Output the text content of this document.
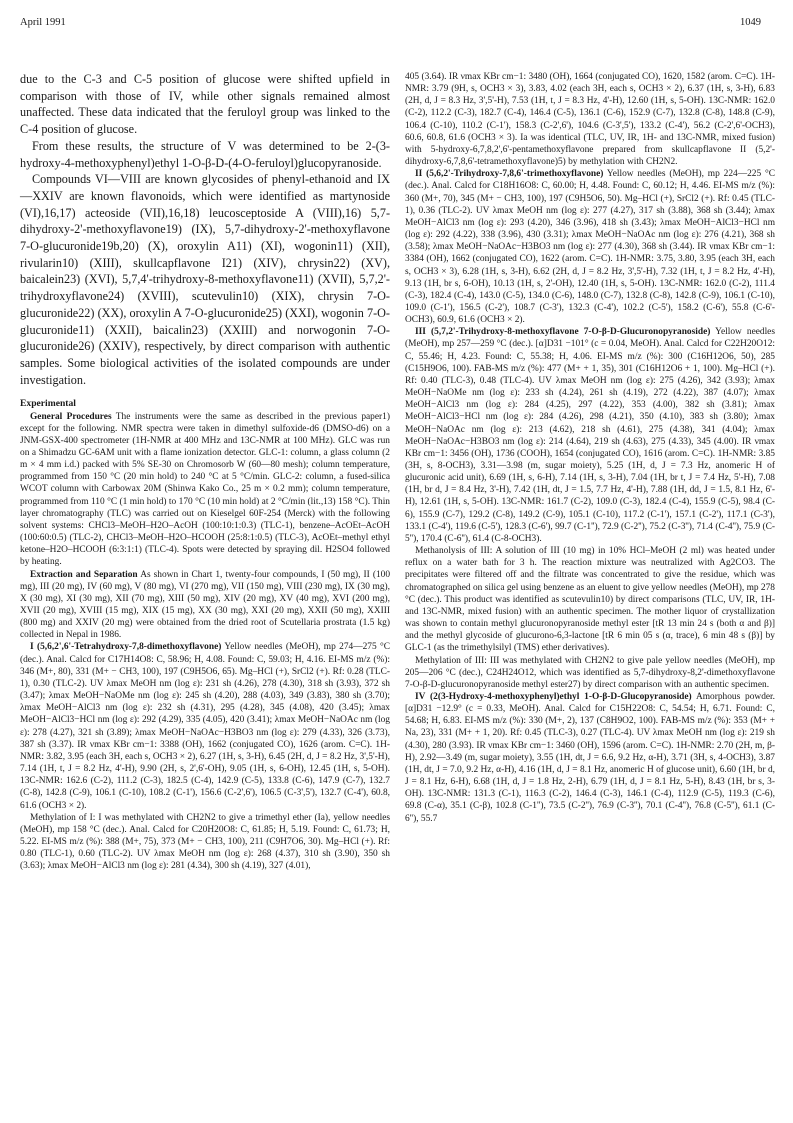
April 1991	1049

due to the C-3 and C-5 position of glucose were shifted upfield in comparison with those of IV, while other signals remained almost unaffected. These data indicated that the feruloyl group was linked to the C-4 position of glucose.

From these results, the structure of V was determined to be 2-(3-hydroxy-4-methoxyphenyl)ethyl 1-O-β-D-(4-O-feruloyl)glucopyranoside.

Compounds VI—VIII are known glycosides of phenyl-ethanoid and IX—XXIV are known flavonoids, which were identified as martynoside (VI),16,17) acteoside (VII),16,18) leucosceptoside A (VIII),16) 5,7-dihydroxy-2'-methoxyflavone19) (IX), 5,7-dihydroxy-2'-methoxyflavone 7-O-glucuronide19b,20) (X), oroxylin A11) (XI), wogonin11) (XII), rivularin10) (XIII), skullcapflavone I21) (XIV), chrysin22) (XV), baicalein23) (XVI), 5,7,4'-trihydroxy-8-methoxyflavone11) (XVII), 5,7,2'-trihydroxyflavone24) (XVIII), scutevulin10) (XIX), chrysin 7-O-glucuronide22) (XX), oroxylin A 7-O-glucuronide25) (XXI), wogonin 7-O-glucuronide11) (XXII), baicalin23) (XXIII) and norwogonin 7-O-glucuronide26) (XXIV), respectively, by direct comparison with authentic samples. Some biological activities of the isolated compounds are under investigation.

Experimental

General Procedures The instruments were the same as described in the previous paper1) except for the following. NMR spectra were taken in dimethyl sulfoxide-d6 (DMSO-d6) on a JNM-GSX-400 spectrometer (1H-NMR at 400 MHz and 13C-NMR at 100 MHz). GLC was run on a Shimadzu GC-6AM unit with a flame ionization detector. GLC-1: column, a glass column (2 m × 4 mm i.d.) packed with 5% SE-30 on Chromosorb W (60—80 mesh); column temperature, programmed from 150 °C (20 min hold) to 240 °C at 5 °C/min. GLC-2: column, a fused-silica WCOT column with Carbowax 20M (Shinwa Kako Co., 25 m × 0.2 mm); column temperature, programmed from 110 °C (1 min hold) to 170 °C (10 min hold) at 2 °C/min (lit.,13) 158 °C). Thin layer chromatography (TLC) was carried out on Kieselgel 60F-254 (Merck) with the following solvent systems: CHCl3–MeOH–H2O–AcOH (100:10:1:0.3) (TLC-1), benzene–AcOEt–AcOH (100:60:0.5) (TLC-2), CHCl3–MeOH–H2O–HCOOH (25:8:1:0.5) (TLC-3), AcOEt–methyl ethyl ketone–H2O–HCOOH (6:3:1:1) (TLC-4). Spots were detected by spraying dil. H2SO4 followed by heating.

Extraction and Separation As shown in Chart 1, twenty-four compounds, I (50 mg), II (100 mg), III (20 mg), IV (60 mg), V (80 mg), VI (270 mg), VII (150 mg), VIII (230 mg), IX (30 mg), X (30 mg), XI (30 mg), XII (70 mg), XIII (50 mg), XIV (20 mg), XV (40 mg), XVI (200 mg), XVII (20 mg), XVIII (15 mg), XIX (15 mg), XX (30 mg), XXI (20 mg), XXII (50 mg), XXIII (800 mg) and XXIV (20 mg) were obtained from the dried root of Scutellaria prostrata (1.5 kg) collected in Nepal in 1986.

I (5,6,2',6'-Tetrahydroxy-7,8-dimethoxyflavone) Yellow needles (MeOH), mp 274—275 °C (dec.). Anal. Calcd for C17H14O8: C, 58.96; H, 4.08. Found: C, 59.03; H, 4.16. EI-MS m/z (%): 346 (M+, 80), 331 (M+ − CH3, 100), 197 (C9H5O6, 65). Mg–HCl (+), SrCl2 (+). Rf: 0.28 (TLC-1), 0.30 (TLC-2). UV λmax MeOH nm (log ε): 231 sh (4.26), 278 (4.30), 318 sh (3.93), 372 sh (3.47); λmax MeOH−NaOMe nm (log ε): 245 sh (4.20), 288 (4.03), 349 (3.83), 380 sh (3.70); λmax MeOH−AlCl3 nm (log ε): 232 sh (4.31), 295 (4.28), 345 (4.08), 420 (3.45); λmax MeOH−AlCl3−HCl nm (log ε): 292 (4.29), 335 (4.05), 420 (3.41); λmax MeOH−NaOAc nm (log ε): 278 (4.27), 321 sh (3.89); λmax MeOH−NaOAc−H3BO3 nm (log ε): 279 (4.33), 326 (3.73), 387 sh (3.37). IR νmax KBr cm−1: 3388 (OH), 1662 (conjugated CO), 1626 (arom. C=C). 1H-NMR: 3.82, 3.95 (each 3H, each s, OCH3 × 2), 6.27 (1H, s, 3-H), 6.45 (2H, d, J = 8.2 Hz, 3',5'-H), 7.14 (1H, t, J = 8.2 Hz, 4'-H), 9.90 (2H, s, 2',6'-OH), 9.05 (1H, s, 6-OH), 12.45 (1H, s, 5-OH). 13C-NMR: 162.6 (C-2), 111.2 (C-3), 182.5 (C-4), 142.9 (C-5), 133.8 (C-6), 147.9 (C-7), 132.7 (C-8), 142.8 (C-9), 106.1 (C-10), 108.2 (C-1'), 156.6 (C-2',6'), 106.5 (C-3',5'), 132.7 (C-4'), 60.8, 61.6 (OCH3 × 2).

Methylation of I: I was methylated with CH2N2 to give a trimethyl ether (Ia), yellow needles (MeOH), mp 158 °C (dec.). Anal. Calcd for C20H20O8: C, 61.85; H, 5.19. Found: C, 61.73; H, 5.22. EI-MS m/z (%): 388 (M+, 75), 373 (M+ − CH3, 100), 211 (C9H7O6, 30). Mg–HCl (+). Rf: 0.80 (TLC-1), 0.60 (TLC-2). UV λmax MeOH nm (log ε): 268 (4.37), 310 sh (3.90), 350 sh (3.63); λmax MeOH−AlCl3 nm (log ε): 281 (4.34), 300 sh (4.19), 327 (4.01),

405 (3.64). IR νmax KBr cm−1: 3480 (OH), 1664 (conjugated CO), 1620, 1582 (arom. C=C). 1H-NMR: 3.79 (9H, s, OCH3 × 3), 3.83, 4.02 (each 3H, each s, OCH3 × 2), 6.37 (1H, s, 3-H), 6.83 (2H, d, J = 8.3 Hz, 3',5'-H), 7.53 (1H, t, J = 8.3 Hz, 4'-H), 12.60 (1H, s, 5-OH). 13C-NMR: 162.0 (C-2), 112.2 (C-3), 182.7 (C-4), 146.4 (C-5), 136.1 (C-6), 152.9 (C-7), 132.8 (C-8), 148.8 (C-9), 106.4 (C-10), 110.2 (C-1'), 158.3 (C-2',6'), 104.6 (C-3',5'), 133.2 (C-4'), 56.2 (C-2',6'-OCH3), 60.6, 60.8, 61.6 (OCH3 × 3). Ia was identical (TLC, UV, IR, 1H- and 13C-NMR, mixed fusion) with 5-hydroxy-6,7,8,2',6'-pentamethoxyflavone prepared from skullcapflavone II (5,2'-dihydroxy-6,7,8,6'-tetramethoxyflavone)5) by methylation with CH2N2.

II (5,6,2'-Trihydroxy-7,8,6'-trimethoxyflavone) Yellow needles (MeOH), mp 224—225 °C (dec.). Anal. Calcd for C18H16O8: C, 60.00; H, 4.48. Found: C, 60.12; H, 4.46. EI-MS m/z (%): 360 (M+, 70), 345 (M+ − CH3, 100), 197 (C9H5O6, 50). Mg–HCl (+), SrCl2 (+). Rf: 0.45 (TLC-1), 0.36 (TLC-2). UV λmax MeOH nm (log ε): 277 (4.27), 317 sh (3.88), 368 sh (3.44); λmax MeOH−AlCl3 nm (log ε): 293 (4.20), 346 (3.96), 418 sh (3.43); λmax MeOH−AlCl3−HCl nm (log ε): 292 (4.22), 338 (3.96), 430 (3.31); λmax MeOH−NaOAc nm (log ε): 276 (4.21), 368 sh (3.58); λmax MeOH−NaOAc−H3BO3 nm (log ε): 277 (4.30), 368 sh (3.44). IR νmax KBr cm−1: 3384 (OH), 1662 (conjugated CO), 1622 (arom. C=C). 1H-NMR: 3.75, 3.80, 3.95 (each 3H, each s, OCH3 × 3), 6.28 (1H, s, 3-H), 6.62 (2H, d, J = 8.2 Hz, 3',5'-H), 7.32 (1H, t, J = 8.2 Hz, 4'-H), 9.13 (1H, br s, 6-OH), 10.13 (1H, s, 2'-OH), 12.40 (1H, s, 5-OH). 13C-NMR: 162.0 (C-2), 111.4 (C-3), 182.4 (C-4), 143.0 (C-5), 134.0 (C-6), 148.0 (C-7), 132.8 (C-8), 142.8 (C-9), 106.1 (C-10), 109.0 (C-1'), 156.5 (C-2'), 108.7 (C-3'), 132.3 (C-4'), 102.2 (C-5'), 158.2 (C-6'), 55.8 (C-6'-OCH3), 60.9, 61.6 (OCH3 × 2).

III (5,7,2'-Trihydroxy-8-methoxyflavone 7-O-β-D-Glucuronopyranoside) Yellow needles (MeOH), mp 257—259 °C (dec.). [α]D31 −101° (c = 0.04, MeOH). Anal. Calcd for C22H20O12: C, 55.46; H, 4.23. Found: C, 55.38; H, 4.06. EI-MS m/z (%): 300 (C16H12O6, 50), 285 (C15H9O6, 100). FAB-MS m/z (%): 477 (M+ + 1, 35), 301 (C16H12O6 + 1, 100). Mg–HCl (+). Rf: 0.40 (TLC-3), 0.48 (TLC-4). UV λmax MeOH nm (log ε): 275 (4.26), 342 (3.93); λmax MeOH−NaOMe nm (log ε): 233 sh (4.24), 261 sh (4.19), 272 (4.22), 387 (4.07); λmax MeOH−AlCl3 nm (log ε): 284 (4.25), 297 (4.22), 353 (4.00), 382 sh (3.81); λmax MeOH−AlCl3−HCl nm (log ε): 284 (4.26), 298 (4.21), 350 (4.10), 383 sh (3.80); λmax MeOH−NaOAc nm (log ε): 213 (4.62), 218 sh (4.61), 275 (4.38), 341 (4.04); λmax MeOH−NaOAc−H3BO3 nm (log ε): 214 (4.64), 219 sh (4.63), 275 (4.33), 345 (4.00). IR νmax KBr cm−1: 3456 (OH), 1736 (COOH), 1654 (conjugated CO), 1616 (arom. C=C). 1H-NMR: 3.85 (3H, s, 8-OCH3), 3.31—3.98 (m, sugar moiety), 5.25 (1H, d, J = 7.3 Hz, anomeric H of glucuronic acid unit), 6.69 (1H, s, 6-H), 7.14 (1H, s, 3-H), 7.04 (1H, br t, J = 7.4 Hz, 5'-H), 7.08 (1H, br d, J = 8.4 Hz, 3'-H), 7.42 (1H, dt, J = 1.5, 7.7 Hz, 4'-H), 7.88 (1H, dd, J = 1.5, 8.1 Hz, 6'-H), 12.61 (1H, s, 5-OH). 13C-NMR: 161.7 (C-2), 109.0 (C-3), 182.4 (C-4), 155.9 (C-5), 98.4 (C-6), 155.9 (C-7), 129.2 (C-8), 149.2 (C-9), 105.1 (C-10), 117.2 (C-1'), 157.1 (C-2'), 117.1 (C-3'), 133.1 (C-4'), 119.6 (C-5'), 128.3 (C-6'), 99.7 (C-1''), 72.9 (C-2''), 75.2 (C-3''), 71.4 (C-4''), 75.9 (C-5''), 170.4 (C-6''), 61.4 (C-8-OCH3).

Methanolysis of III: A solution of III (10 mg) in 10% HCl–MeOH (2 ml) was heated under reflux on a water bath for 3 h. The reaction mixture was neutralized with Ag2CO3. The precipitates were filtered off and the filtrate was concentrated to give the residue, which was chromatographed on silica gel using benzene as an eluent to give yellow needles (MeOH), mp 278 °C (dec.). This product was identified as scutevulin10) by direct comparisons (TLC, UV, IR, 1H- and 13C-NMR, mixed fusion) with an authentic specimen. The mother liquor of crystallization was shown to contain methyl glucuronopyranoside methyl ester [tR 13 min 24 s (both α and β)] and the methyl glycoside of glucurono-6,3-lactone [tR 6 min 05 s (α, trace), 6 min 48 s (β)] by GLC-1 (as the trimethylsilyl (TMS) ether derivatives).

Methylation of III: III was methylated with CH2N2 to give pale yellow needles (MeOH), mp 205—206 °C (dec.), C24H24O12, which was identified as 5,7-dihydroxy-8,2'-dimethoxyflavone 7-O-β-D-glucuronopyranoside methyl ester27) by direct comparison with an authentic specimen.

IV (2(3-Hydroxy-4-methoxyphenyl)ethyl 1-O-β-D-Glucopyranoside) Amorphous powder. [α]D31 −12.9° (c = 0.33, MeOH). Anal. Calcd for C15H22O8: C, 54.54; H, 6.71. Found: C, 54.68; H, 6.83. EI-MS m/z (%): 330 (M+, 2), 137 (C8H9O2, 100). FAB-MS m/z (%): 353 (M+ + Na, 23), 331 (M+ + 1, 20). Rf: 0.45 (TLC-3), 0.27 (TLC-4). UV λmax MeOH nm (log ε): 219 sh (4.30), 280 (3.93). IR νmax KBr cm−1: 3460 (OH), 1596 (arom. C=C). 1H-NMR: 2.70 (2H, m, β-H), 2.92—3.49 (m, sugar moiety), 3.55 (1H, dt, J = 6.6, 9.2 Hz, α-H), 3.71 (3H, s, 4-OCH3), 3.87 (1H, dt, J = 7.0, 9.2 Hz, α-H), 4.16 (1H, d, J = 8.1 Hz, anomeric H of glucose unit), 6.60 (1H, br d, J = 8.1 Hz, 6-H), 6.68 (1H, d, J = 1.8 Hz, 2-H), 6.79 (1H, d, J = 8.1 Hz, 5-H), 8.43 (1H, br s, 3-OH). 13C-NMR: 131.3 (C-1), 116.3 (C-2), 146.4 (C-3), 146.1 (C-4), 112.9 (C-5), 119.3 (C-6), 69.8 (C-α), 35.1 (C-β), 102.8 (C-1''), 73.5 (C-2''), 76.9 (C-3''), 70.1 (C-4''), 76.8 (C-5''), 61.1 (C-6''), 55.7
